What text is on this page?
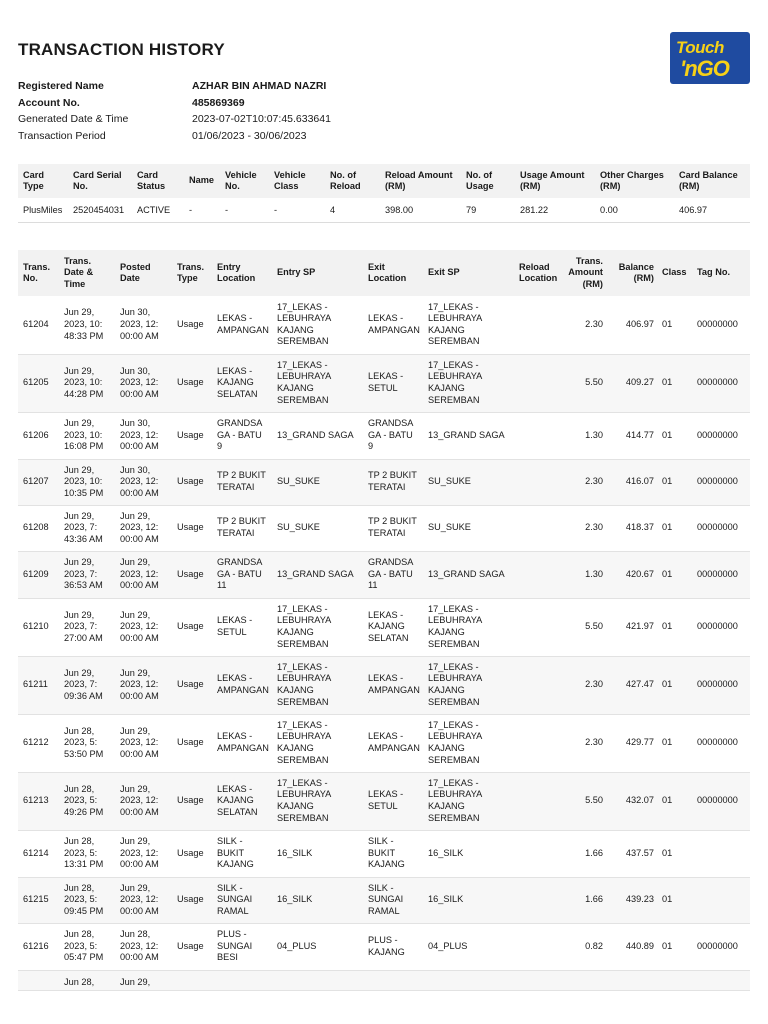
TRANSACTION HISTORY	Touch
'nGO
Registered Name	AZHAR BIN AHMAD NAZRI
Account No.	485869369
Generated Date & Time	2023-07-02T10:07:45.633641
Transaction Period	01/06/2023 - 30/06/2023
Card Type	Card Serial No.	Card Status	Name	Vehicle No.	Vehicle Class	No. of Reload	Reload Amount (RM)	No. of Usage	Usage Amount (RM)	Other Charges (RM)	Card Balance (RM)
PlusMiles	2520454031	ACTIVE	-	-	-	4	398.00	79	281.22	0.00	406.97
Trans. No.	Trans. Date & Time	Posted Date	Trans. Type	Entry Location	Entry SP	Exit Location	Exit SP	Reload Location	Trans. Amount (RM)	Balance (RM)	Class	Tag No.
61204	Jun 29, 2023, 10: 48:33 PM	Jun 30, 2023, 12: 00:00 AM	Usage	LEKAS - AMPANGAN	17_LEKAS - LEBUHRAYA KAJANG SEREMBAN	LEKAS - AMPANGAN	17_LEKAS - LEBUHRAYA KAJANG SEREMBAN		2.30	406.97	01	00000000
61205	Jun 29, 2023, 10: 44:28 PM	Jun 30, 2023, 12: 00:00 AM	Usage	LEKAS - KAJANG SELATAN	17_LEKAS - LEBUHRAYA KAJANG SEREMBAN	LEKAS - SETUL	17_LEKAS - LEBUHRAYA KAJANG SEREMBAN		5.50	409.27	01	00000000
61206	Jun 29, 2023, 10: 16:08 PM	Jun 30, 2023, 12: 00:00 AM	Usage	GRANDSA GA - BATU 9	13_GRAND SAGA	GRANDSA GA - BATU 9	13_GRAND SAGA		1.30	414.77	01	00000000
61207	Jun 29, 2023, 10: 10:35 PM	Jun 30, 2023, 12: 00:00 AM	Usage	TP 2 BUKIT TERATAI	SU_SUKE	TP 2 BUKIT TERATAI	SU_SUKE		2.30	416.07	01	00000000
61208	Jun 29, 2023, 7: 43:36 AM	Jun 29, 2023, 12: 00:00 AM	Usage	TP 2 BUKIT TERATAI	SU_SUKE	TP 2 BUKIT TERATAI	SU_SUKE		2.30	418.37	01	00000000
61209	Jun 29, 2023, 7: 36:53 AM	Jun 29, 2023, 12: 00:00 AM	Usage	GRANDSA GA - BATU 11	13_GRAND SAGA	GRANDSA GA - BATU 11	13_GRAND SAGA		1.30	420.67	01	00000000
61210	Jun 29, 2023, 7: 27:00 AM	Jun 29, 2023, 12: 00:00 AM	Usage	LEKAS - SETUL	17_LEKAS - LEBUHRAYA KAJANG SEREMBAN	LEKAS - KAJANG SELATAN	17_LEKAS - LEBUHRAYA KAJANG SEREMBAN		5.50	421.97	01	00000000
61211	Jun 29, 2023, 7: 09:36 AM	Jun 29, 2023, 12: 00:00 AM	Usage	LEKAS - AMPANGAN	17_LEKAS - LEBUHRAYA KAJANG SEREMBAN	LEKAS - AMPANGAN	17_LEKAS - LEBUHRAYA KAJANG SEREMBAN		2.30	427.47	01	00000000
61212	Jun 28, 2023, 5: 53:50 PM	Jun 29, 2023, 12: 00:00 AM	Usage	LEKAS - AMPANGAN	17_LEKAS - LEBUHRAYA KAJANG SEREMBAN	LEKAS - AMPANGAN	17_LEKAS - LEBUHRAYA KAJANG SEREMBAN		2.30	429.77	01	00000000
61213	Jun 28, 2023, 5: 49:26 PM	Jun 29, 2023, 12: 00:00 AM	Usage	LEKAS - KAJANG SELATAN	17_LEKAS - LEBUHRAYA KAJANG SEREMBAN	LEKAS - SETUL	17_LEKAS - LEBUHRAYA KAJANG SEREMBAN		5.50	432.07	01	00000000
61214	Jun 28, 2023, 5: 13:31 PM	Jun 29, 2023, 12: 00:00 AM	Usage	SILK - BUKIT KAJANG	16_SILK	SILK - BUKIT KAJANG	16_SILK		1.66	437.57	01	
61215	Jun 28, 2023, 5: 09:45 PM	Jun 29, 2023, 12: 00:00 AM	Usage	SILK - SUNGAI RAMAL	16_SILK	SILK - SUNGAI RAMAL	16_SILK		1.66	439.23	01	
61216	Jun 28, 2023, 5: 05:47 PM	Jun 28, 2023, 12: 00:00 AM	Usage	PLUS - SUNGAI BESI	04_PLUS	PLUS - KAJANG	04_PLUS		0.82	440.89	01	00000000
	Jun 28,	Jun 29,										
